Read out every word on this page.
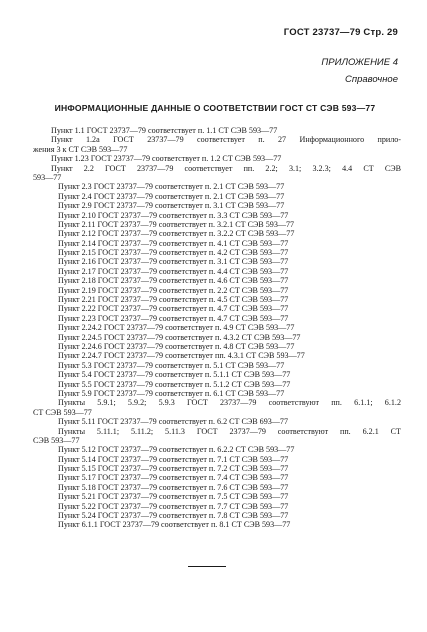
ГОСТ 23737—79 Стр. 29
ПРИЛОЖЕНИЕ 4
Справочное
ИНФОРМАЦИОННЫЕ ДАННЫЕ О СООТВЕТСТВИИ ГОСТ СТ СЭВ 593—77
Пункт 1.1 ГОСТ 23737—79 соответствует п. 1.1 СТ СЭВ 593—77
Пункт 1.2а ГОСТ 23737—79 соответствует п. 27 Информационного прило-
жения 3 к СТ СЭВ 593—77
Пункт 1.23 ГОСТ 23737—79 соответствует п. 1.2 СТ СЭВ 593—77
Пункт 2.2 ГОСТ 23737—79 соответствует пп. 2.2; 3.1; 3.2.3; 4.4 СТ СЭВ
593—77
Пункт 2.3 ГОСТ 23737—79 соответствует п. 2.1 СТ СЭВ 593—77
Пункт 2.4 ГОСТ 23737—79 соответствует п. 2.1 СТ СЭВ 593—77
Пункт 2.9 ГОСТ 23737—79 соответствует п. 3.1 СТ СЭВ 593—77
Пункт 2.10 ГОСТ 23737—79 соответствует п. 3.3 СТ СЭВ 593—77
Пункт 2.11 ГОСТ 23737—79 соответствует п. 3.2.1 СТ СЭВ 593—77
Пункт 2.12 ГОСТ 23737—79 соответствует п. 3.2.2 СТ СЭВ 593—77
Пункт 2.14 ГОСТ 23737—79 соответствует п. 4.1 СТ СЭВ 593—77
Пункт 2.15 ГОСТ 23737—79 соответствует п. 4.2 СТ СЭВ 593—77
Пункт 2.16 ГОСТ 23737—79 соответствует п. 3.1 СТ СЭВ 593—77
Пункт 2.17 ГОСТ 23737—79 соответствует п. 4.4 СТ СЭВ 593—77
Пункт 2.18 ГОСТ 23737—79 соответствует п. 4.6 СТ СЭВ 593—77
Пункт 2.19 ГОСТ 23737—79 соответствует п. 2.2 СТ СЭВ 593—77
Пункт 2.21 ГОСТ 23737—79 соответствует п. 4.5 СТ СЭВ 593—77
Пункт 2.22 ГОСТ 23737—79 соответствует п. 4.7 СТ СЭВ 593—77
Пункт 2.23 ГОСТ 23737—79 соответствует п. 4.7 СТ СЭВ 593—77
Пункт 2.24.2 ГОСТ 23737—79 соответствует п. 4.9 СТ СЭВ 593—77
Пункт 2.24.5 ГОСТ 23737—79 соответствует п. 4.3.2 СТ СЭВ 593—77
Пункт 2.24.6 ГОСТ 23737—79 соответствует п. 4.8 СТ СЭВ 593—77
Пункт 2.24.7 ГОСТ 23737—79 соответствует пп. 4.3.1 СТ СЭВ 593—77
Пункт 5.3 ГОСТ 23737—79 соответствует п. 5.1 СТ СЭВ 593—77
Пункт 5.4 ГОСТ 23737—79 соответствует п. 5.1.1 СТ СЭВ 593—77
Пункт 5.5 ГОСТ 23737—79 соответствует п. 5.1.2 СТ СЭВ 593—77
Пункт 5.9 ГОСТ 23737—79 соответствует п. 6.1 СТ СЭВ 593—77
Пункты 5.9.1; 5.9.2; 5.9.3 ГОСТ 23737—79 соответствуют пп. 6.1.1; 6.1.2
СТ СЭВ 593—77
Пункт 5.11 ГОСТ 23737—79 соответствует п. 6.2 СТ СЭВ 693—77
Пункты 5.11.1; 5.11.2; 5.11.3 ГОСТ 23737—79 соответствуют пп. 6.2.1 СТ
СЭВ 593—77
Пункт 5.12 ГОСТ 23737—79 соответствует п. 6.2.2 СТ СЭВ 593—77
Пункт 5.14 ГОСТ 23737—79 соответствует п. 7.1 СТ СЭВ 593—77
Пункт 5.15 ГОСТ 23737—79 соответствует п. 7.2 СТ СЭВ 593—77
Пункт 5.17 ГОСТ 23737—79 соответствует п. 7.4 СТ СЭВ 593—77
Пункт 5.18 ГОСТ 23737—79 соответствует п. 7.6 СТ СЭВ 593—77
Пункт 5.21 ГОСТ 23737—79 соответствует п. 7.5 СТ СЭВ 593—77
Пункт 5.22 ГОСТ 23737—79 соответствует п. 7.7 СТ СЭВ 593—77
Пункт 5.24 ГОСТ 23737—79 соответствует п. 7.8 СТ СЭВ 593—77
Пункт 6.1.1 ГОСТ 23737—79 соответствует п. 8.1 СТ СЭВ 593—77
